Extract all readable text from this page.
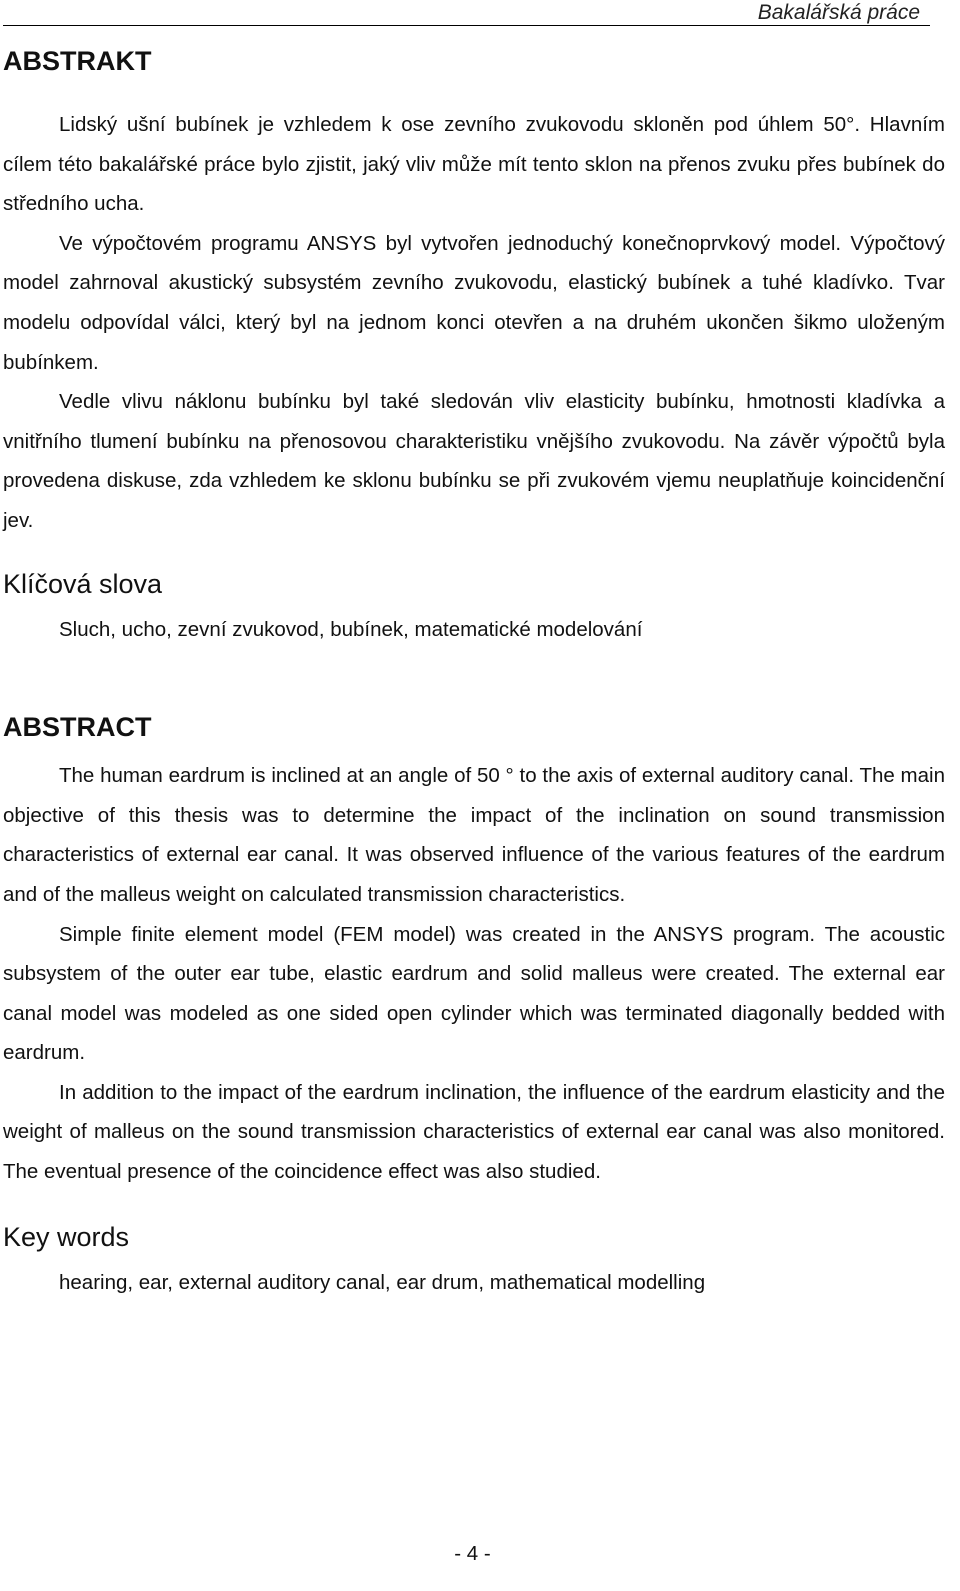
Bakalářská práce
ABSTRAKT

Lidský ušní bubínek je vzhledem k ose zevního zvukovodu skloněn pod úhlem 50°. Hlavním cílem této bakalářské práce bylo zjistit, jaký vliv může mít tento sklon na přenos zvuku přes bubínek do středního ucha.

Ve výpočtovém programu ANSYS byl vytvořen jednoduchý konečnoprvkový model. Výpočtový model zahrnoval akustický subsystém zevního zvukovodu, elastický bubínek a tuhé kladívko. Tvar modelu odpovídal válci, který byl na jednom konci otevřen a na druhém ukončen šikmo uloženým bubínkem.

Vedle vlivu náklonu bubínku byl také sledován vliv elasticity bubínku, hmotnosti kladívka a vnitřního tlumení bubínku na přenosovou charakteristiku vnějšího zvukovodu. Na závěr výpočtů byla provedena diskuse, zda vzhledem ke sklonu bubínku se při zvukovém vjemu neuplatňuje koincidenční jev.

Klíčová slova

Sluch, ucho, zevní zvukovod, bubínek, matematické modelování

ABSTRACT

The human eardrum is inclined at an angle of 50 ° to the axis of external auditory canal. The main objective of this thesis was to determine the impact of the inclination on sound transmission characteristics of external ear canal. It was observed influence of the various features of the eardrum and of the malleus weight on calculated transmission characteristics.

Simple finite element model (FEM model) was created in the ANSYS program. The acoustic subsystem of the outer ear tube, elastic eardrum and solid malleus were created. The external ear canal model was modeled as one sided open cylinder which was terminated diagonally bedded with eardrum.

In addition to the impact of the eardrum inclination, the influence of the eardrum elasticity and the weight of malleus on the sound transmission characteristics of external ear canal was also monitored. The eventual presence of the coincidence effect was also studied.

Key words

hearing, ear, external auditory canal, ear drum, mathematical modelling

- 4 -
